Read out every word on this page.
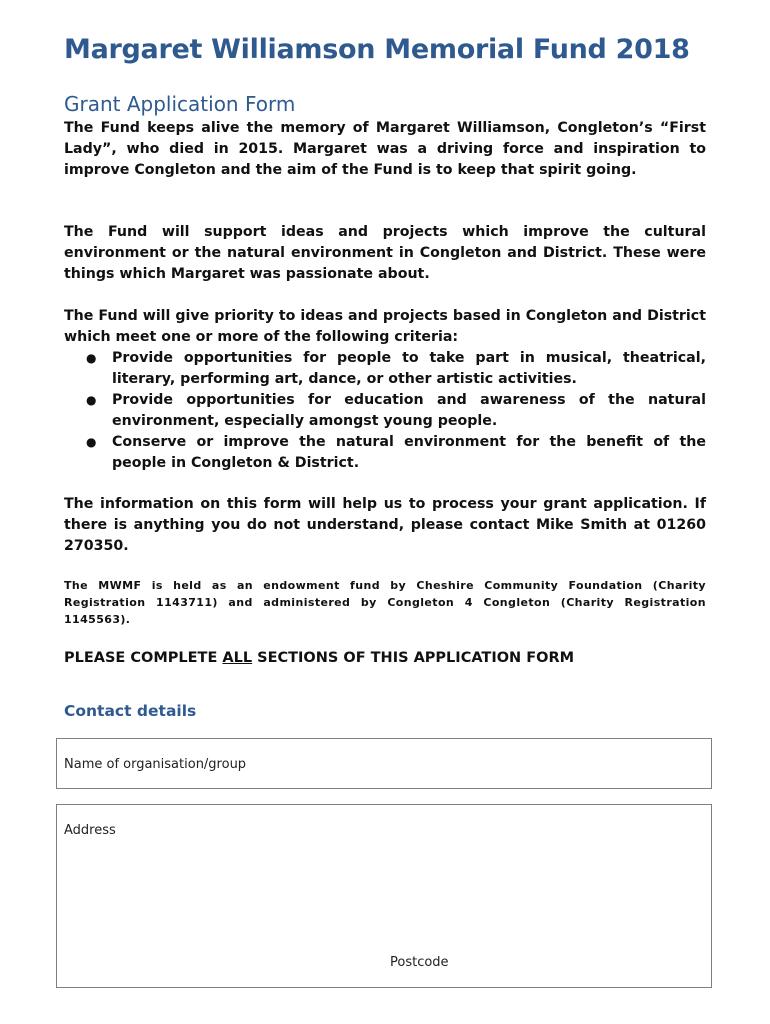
Margaret Williamson Memorial Fund 2018
Grant Application Form

The Fund keeps alive the memory of Margaret Williamson, Congleton’s “First Lady”, who died in 2015. Margaret was a driving force and inspiration to improve Congleton and the aim of the Fund is to keep that spirit going.

The Fund will support ideas and projects which improve the cultural environment or the natural environment in Congleton and District. These were things which Margaret was passionate about.

The Fund will give priority to ideas and projects based in Congleton and District which meet one or more of the following criteria:

● Provide opportunities for people to take part in musical, theatrical, literary, performing art, dance, or other artistic activities.
● Provide opportunities for education and awareness of the natural environment, especially amongst young people.
● Conserve or improve the natural environment for the benefit of the people in Congleton & District.

The information on this form will help us to process your grant application. If there is anything you do not understand, please contact Mike Smith at 01260 270350.

The MWMF is held as an endowment fund by Cheshire Community Foundation (Charity Registration 1143711) and administered by Congleton 4 Congleton (Charity Registration 1145563).

PLEASE COMPLETE ALL SECTIONS OF THIS APPLICATION FORM

Contact details

Name of organisation/group
Address
Postcode
